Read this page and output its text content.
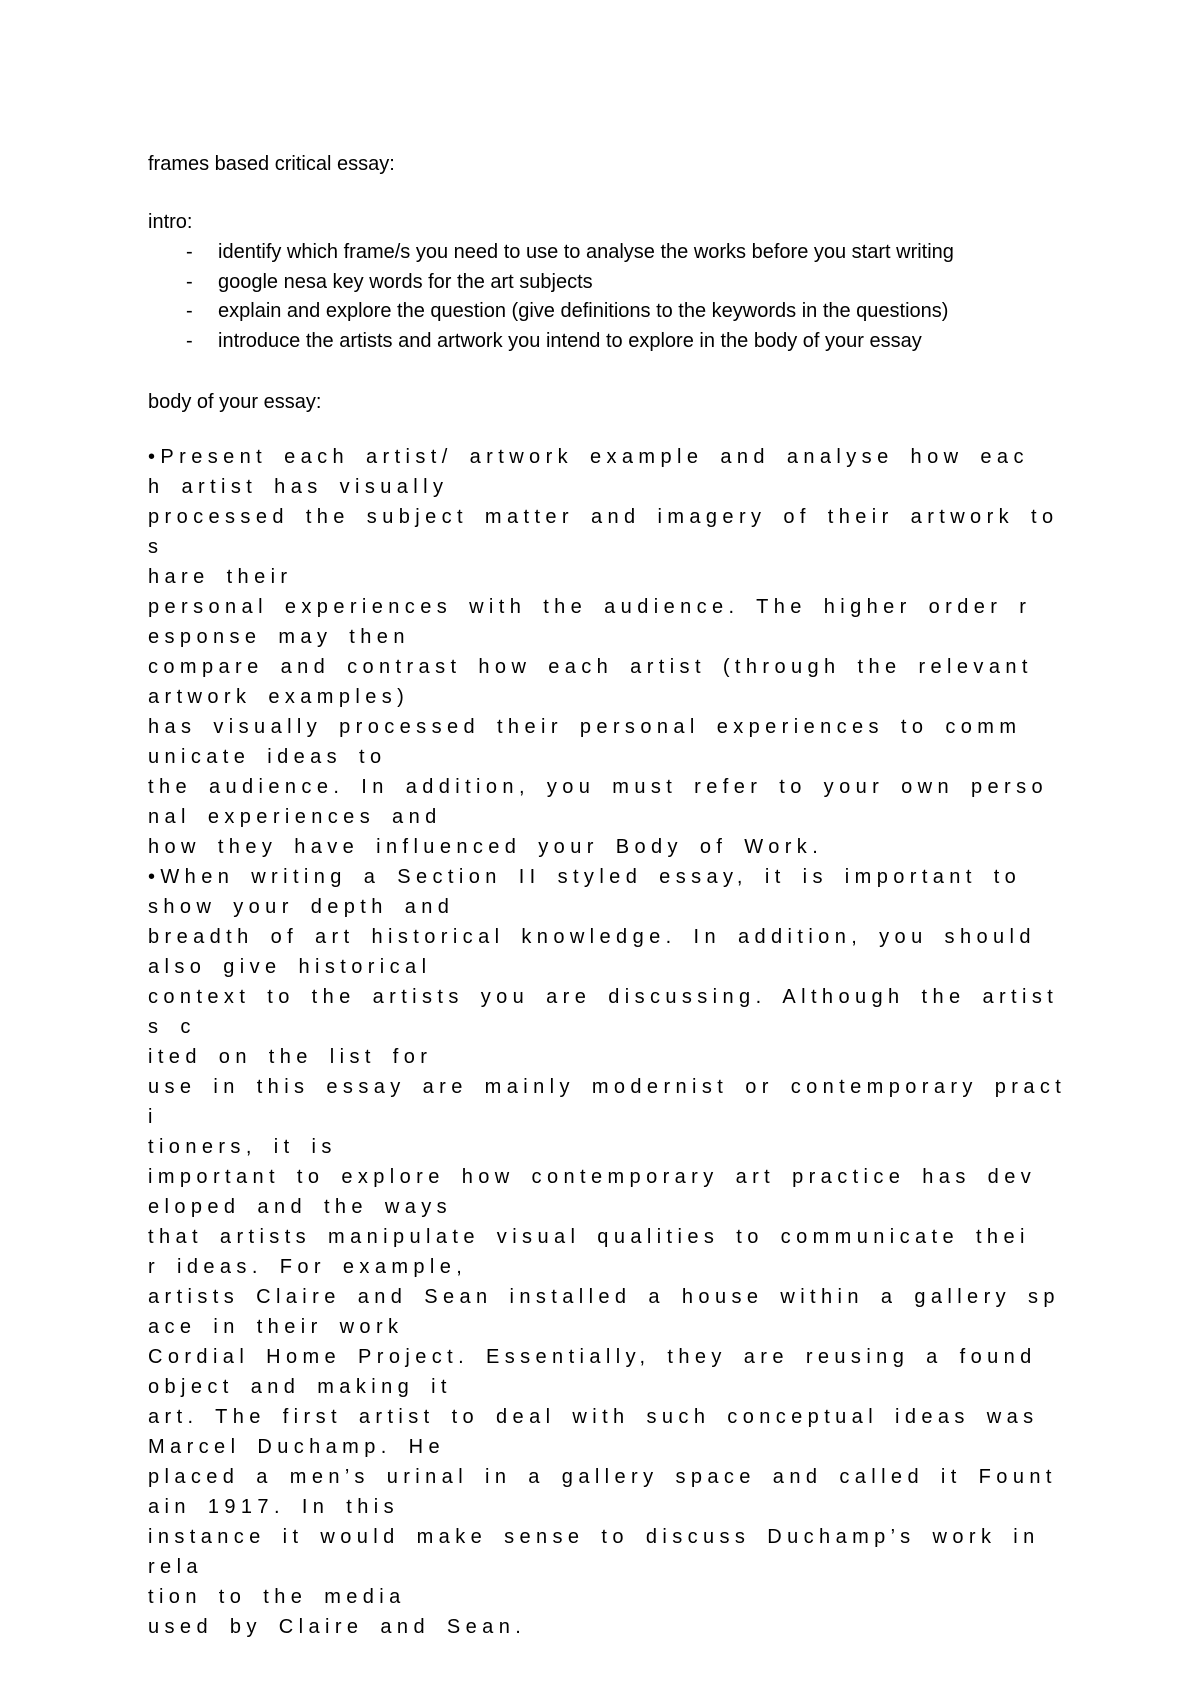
frames based critical essay:

intro:

-	identify which frame/s you need to use to analyse the works before you start writing
-	google nesa key words for the art subjects
-	explain and explore the question (give definitions to the keywords in the questions)
-	introduce the artists and artwork you intend to explore in the body of your essay

body of your essay:

•Present each artist/ artwork example and analyse how eac
h artist has visually
processed the subject matter and imagery of their artwork to s
hare their
personal experiences with the audience. The higher order r
esponse may then
compare and contrast how each artist (through the relevant
artwork examples)
has visually processed their personal experiences to comm
unicate ideas to
the audience. In addition, you must refer to your own perso
nal experiences and
how they have influenced your Body of Work.

•When writing a Section II styled essay, it is important to
show your depth and
breadth of art historical knowledge. In addition, you should
also give historical
context to the artists you are discussing. Although the artists c
ited on the list for
use in this essay are mainly modernist or contemporary practi
tioners, it is
important to explore how contemporary art practice has dev
eloped and the ways
that artists manipulate visual qualities to communicate thei
r ideas. For example,
artists Claire and Sean installed a house within a gallery sp
ace in their work
Cordial Home Project. Essentially, they are reusing a found
object and making it
art. The first artist to deal with such conceptual ideas was
Marcel Duchamp. He
placed a men’s urinal in a gallery space and called it Fount
ain 1917. In this
instance it would make sense to discuss Duchamp’s work in rela
tion to the media
used by Claire and Sean.
